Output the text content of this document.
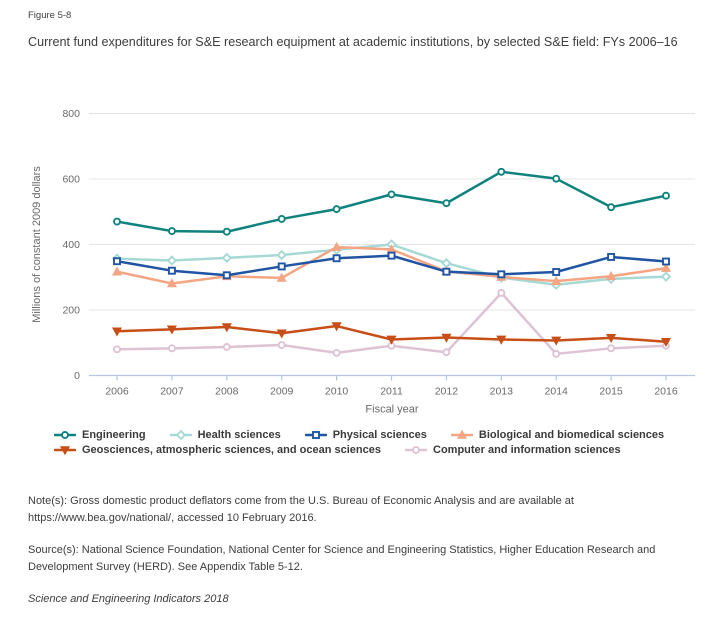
Figure 5-8
Current fund expenditures for S&E research equipment at academic institutions, by selected S&E field: FYs 2006–16
0
200
400
600
800
2006	2007	2008	2009	2010	2011	2012	2013	2014	2015	2016
Fiscal year
Millions of constant 2009 dollars
Engineering	Health sciences	Physical sciences	Biological and biomedical sciences
Geosciences, atmospheric sciences, and ocean sciences	Computer and information sciences

Note(s): Gross domestic product deflators come from the U.S. Bureau of Economic Analysis and are available at https://www.bea.gov/national/, accessed 10 February 2016.

Source(s): National Science Foundation, National Center for Science and Engineering Statistics, Higher Education Research and Development Survey (HERD). See Appendix Table 5-12.

Science and Engineering Indicators 2018
